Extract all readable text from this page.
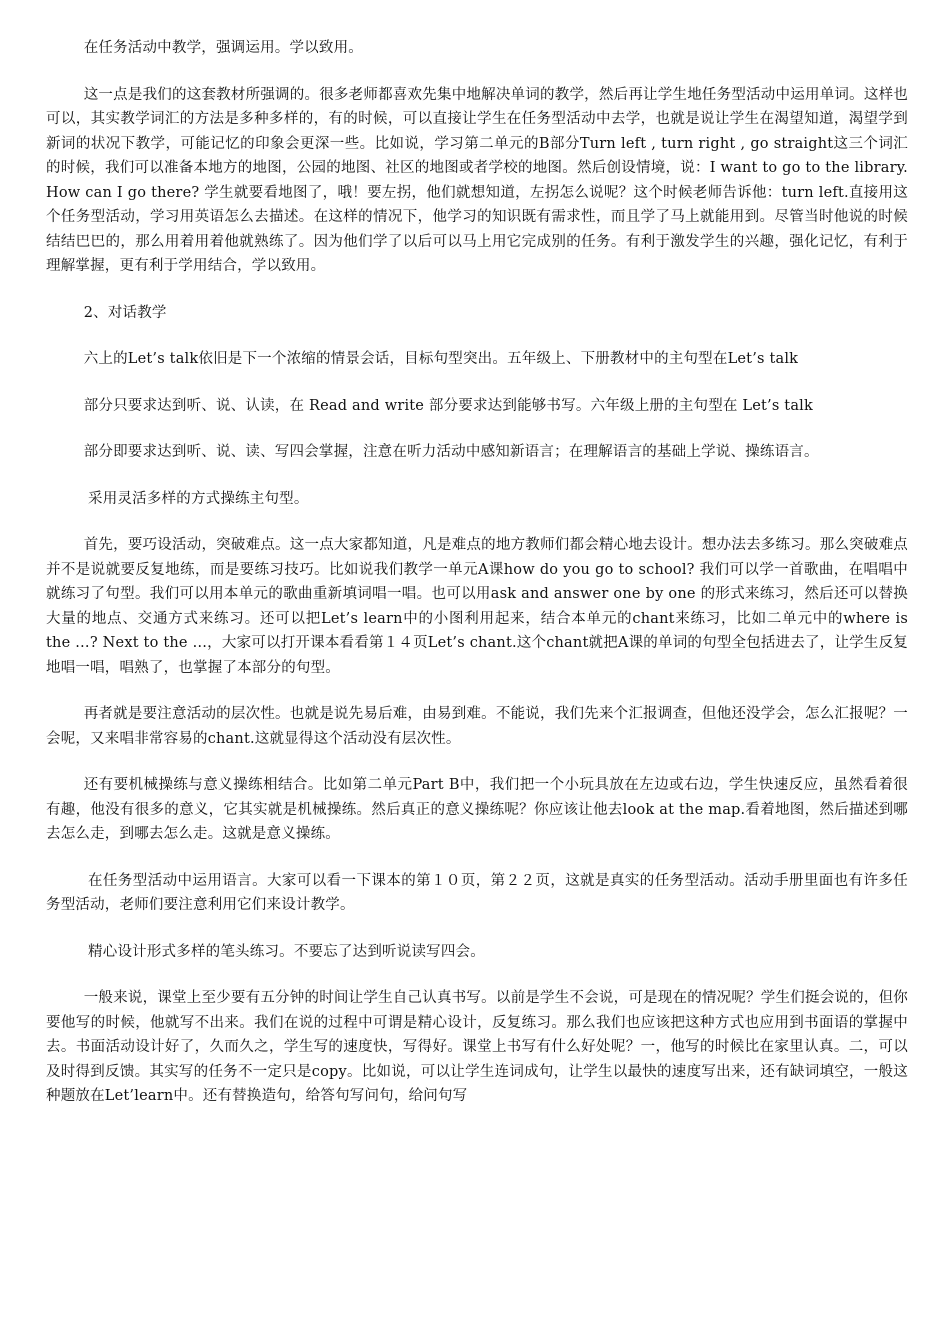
在任务活动中教学，强调运用。学以致用。

这一点是我们的这套教材所强调的。很多老师都喜欢先集中地解决单词的教学，然后再让学生地任务型活动中运用单词。这样也可以，其实教学词汇的方法是多种多样的，有的时候，可以直接让学生在任务型活动中去学，也就是说让学生在渴望知道，渴望学到新词的状况下教学，可能记忆的印象会更深一些。比如说，学习第二单元的B部分Turn left , turn right , go straight这三个词汇的时候，我们可以准备本地方的地图，公园的地图、社区的地图或者学校的地图。然后创设情境，说：I want to go to the library. How can I go there? 学生就要看地图了，哦！要左拐，他们就想知道，左拐怎么说呢？这个时候老师告诉他：turn left.直接用这个任务型活动，学习用英语怎么去描述。在这样的情况下，他学习的知识既有需求性，而且学了马上就能用到。尽管当时他说的时候结结巴巴的，那么用着用着他就熟练了。因为他们学了以后可以马上用它完成别的任务。有利于激发学生的兴趣，强化记忆，有利于理解掌握，更有利于学用结合，学以致用。

2、对话教学

六上的Let’s talk依旧是下一个浓缩的情景会话，目标句型突出。五年级上、下册教材中的主句型在Let’s talk

部分只要求达到听、说、认读，在 Read and write 部分要求达到能够书写。六年级上册的主句型在 Let’s talk

部分即要求达到听、说、读、写四会掌握，注意在听力活动中感知新语言；在理解语言的基础上学说、操练语言。

采用灵活多样的方式操练主句型。

首先，要巧设活动，突破难点。这一点大家都知道，凡是难点的地方教师们都会精心地去设计。想办法去多练习。那么突破难点并不是说就要反复地练，而是要练习技巧。比如说我们教学一单元A课how do you go to school? 我们可以学一首歌曲，在唱唱中就练习了句型。我们可以用本单元的歌曲重新填词唱一唱。也可以用ask and answer one by one 的形式来练习，然后还可以替换大量的地点、交通方式来练习。还可以把Let’s learn中的小图利用起来，结合本单元的chant来练习，比如二单元中的where is the …? Next to the …，大家可以打开课本看看第１４页Let’s chant.这个chant就把A课的单词的句型全包括进去了，让学生反复地唱一唱，唱熟了，也掌握了本部分的句型。

再者就是要注意活动的层次性。也就是说先易后难，由易到难。不能说，我们先来个汇报调查，但他还没学会，怎么汇报呢？一会呢，又来唱非常容易的chant.这就显得这个活动没有层次性。

还有要机械操练与意义操练相结合。比如第二单元Part B中，我们把一个小玩具放在左边或右边，学生快速反应，虽然看着很有趣，他没有很多的意义，它其实就是机械操练。然后真正的意义操练呢？你应该让他去look at the map.看着地图，然后描述到哪去怎么走，到哪去怎么走。这就是意义操练。

在任务型活动中运用语言。大家可以看一下课本的第１０页，第２２页，这就是真实的任务型活动。活动手册里面也有许多任务型活动，老师们要注意利用它们来设计教学。

精心设计形式多样的笔头练习。不要忘了达到听说读写四会。

一般来说，课堂上至少要有五分钟的时间让学生自己认真书写。以前是学生不会说，可是现在的情况呢？学生们挺会说的，但你要他写的时候，他就写不出来。我们在说的过程中可谓是精心设计，反复练习。那么我们也应该把这种方式也应用到书面语的掌握中去。书面活动设计好了，久而久之，学生写的速度快，写得好。课堂上书写有什么好处呢？一，他写的时候比在家里认真。二，可以及时得到反馈。其实写的任务不一定只是copy。比如说，可以让学生连词成句，让学生以最快的速度写出来，还有缺词填空，一般这种题放在Let’learn中。还有替换造句，给答句写问句，给问句写
